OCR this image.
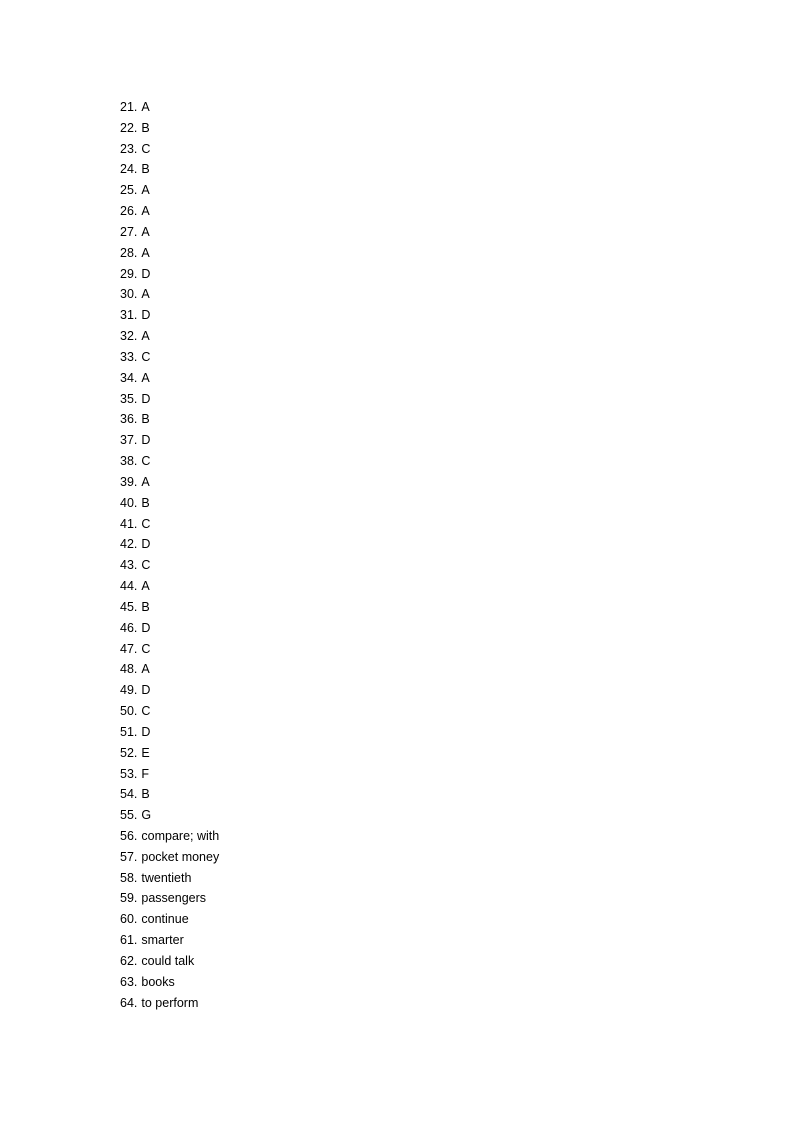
21. A
22. B
23. C
24. B
25. A
26. A
27. A
28. A
29. D
30. A
31. D
32. A
33. C
34. A
35. D
36. B
37. D
38. C
39. A
40. B
41. C
42. D
43. C
44. A
45. B
46. D
47. C
48. A
49. D
50. C
51. D
52. E
53. F
54. B
55. G
56. compare; with
57. pocket money
58. twentieth
59. passengers
60. continue
61. smarter
62. could talk
63. books
64. to perform
